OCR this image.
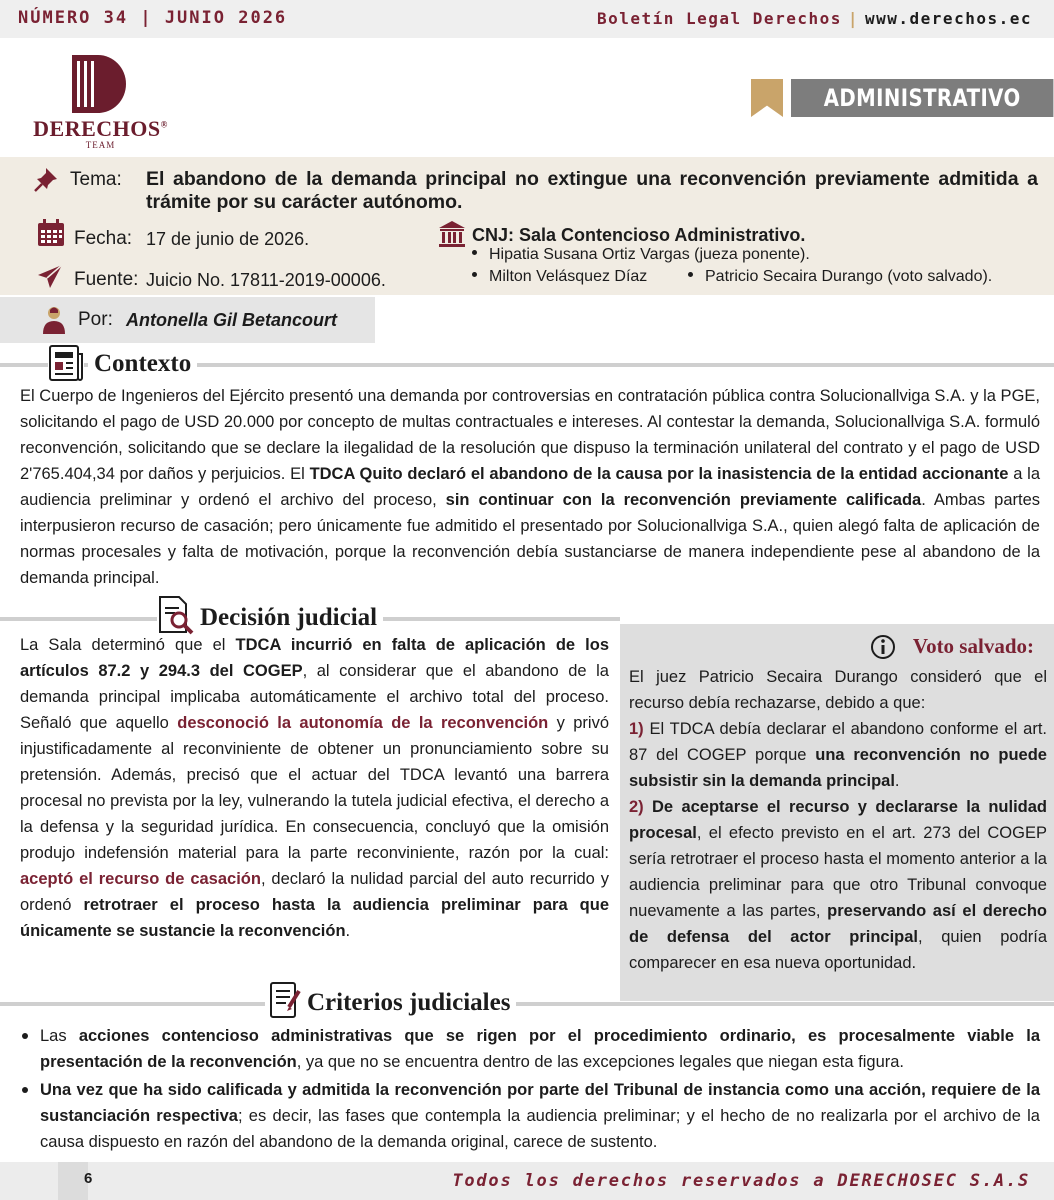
NÚMERO 34 | JUNIO 2026	Boletín Legal Derechos | www.derechos.ec
DERECHOS®
TEAM
ADMINISTRATIVO
Tema: El abandono de la demanda principal no extingue una reconvención previamente admitida a trámite por su carácter autónomo.
Fecha: 17 de junio de 2026.
Fuente: Juicio No. 17811-2019-00006.
CNJ: Sala Contencioso Administrativo.
Hipatia Susana Ortiz Vargas (jueza ponente).
Milton Velásquez Díaz	Patricio Secaira Durango (voto salvado).
Por: Antonella Gil Betancourt
Contexto
El Cuerpo de Ingenieros del Ejército presentó una demanda por controversias en contratación pública contra Solucionallviga S.A. y la PGE, solicitando el pago de USD 20.000 por concepto de multas contractuales e intereses. Al contestar la demanda, Solucionallviga S.A. formuló reconvención, solicitando que se declare la ilegalidad de la resolución que dispuso la terminación unilateral del contrato y el pago de USD 2'765.404,34 por daños y perjuicios. El TDCA Quito declaró el abandono de la causa por la inasistencia de la entidad accionante a la audiencia preliminar y ordenó el archivo del proceso, sin continuar con la reconvención previamente calificada. Ambas partes interpusieron recurso de casación; pero únicamente fue admitido el presentado por Solucionallviga S.A., quien alegó falta de aplicación de normas procesales y falta de motivación, porque la reconvención debía sustanciarse de manera independiente pese al abandono de la demanda principal.
Decisión judicial
La Sala determinó que el TDCA incurrió en falta de aplicación de los artículos 87.2 y 294.3 del COGEP, al considerar que el abandono de la demanda principal implicaba automáticamente el archivo total del proceso. Señaló que aquello desconoció la autonomía de la reconvención y privó injustificadamente al reconviniente de obtener un pronunciamiento sobre su pretensión. Además, precisó que el actuar del TDCA levantó una barrera procesal no prevista por la ley, vulnerando la tutela judicial efectiva, el derecho a la defensa y la seguridad jurídica. En consecuencia, concluyó que la omisión produjo indefensión material para la parte reconviniente, razón por la cual: aceptó el recurso de casación, declaró la nulidad parcial del auto recurrido y ordenó retrotraer el proceso hasta la audiencia preliminar para que únicamente se sustancie la reconvención.
Voto salvado:
El juez Patricio Secaira Durango consideró que el recurso debía rechazarse, debido a que:
1) El TDCA debía declarar el abandono conforme el art. 87 del COGEP porque una reconvención no puede subsistir sin la demanda principal.
2) De aceptarse el recurso y declararse la nulidad procesal, el efecto previsto en el art. 273 del COGEP sería retrotraer el proceso hasta el momento anterior a la audiencia preliminar para que otro Tribunal convoque nuevamente a las partes, preservando así el derecho de defensa del actor principal, quien podría comparecer en esa nueva oportunidad.
Criterios judiciales
Las acciones contencioso administrativas que se rigen por el procedimiento ordinario, es procesalmente viable la presentación de la reconvención, ya que no se encuentra dentro de las excepciones legales que niegan esta figura.
Una vez que ha sido calificada y admitida la reconvención por parte del Tribunal de instancia como una acción, requiere de la sustanciación respectiva; es decir, las fases que contempla la audiencia preliminar; y el hecho de no realizarla por el archivo de la causa dispuesto en razón del abandono de la demanda original, carece de sustento.
6	Todos los derechos reservados a DERECHOSEC S.A.S
